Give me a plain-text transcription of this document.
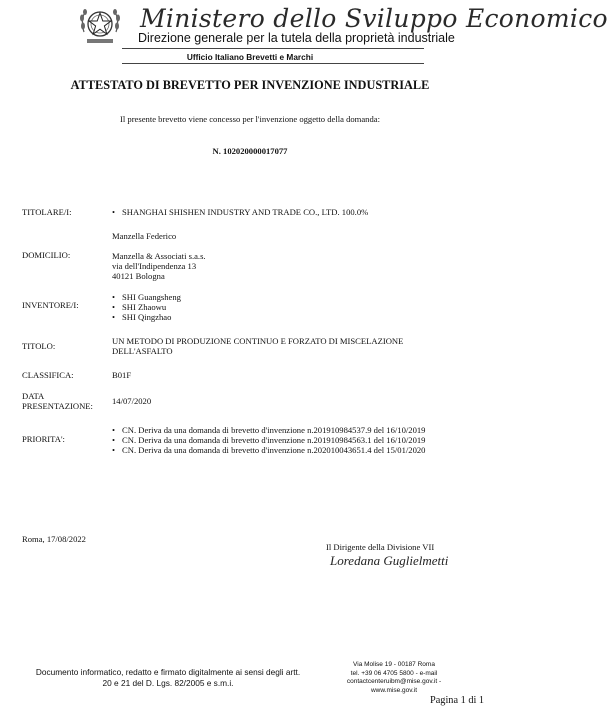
Ministero dello Sviluppo Economico
Direzione generale per la tutela della proprietà industriale
Ufficio Italiano Brevetti e Marchi
ATTESTATO DI BREVETTO PER INVENZIONE INDUSTRIALE
Il presente brevetto viene concesso per l'invenzione oggetto della domanda:
N. 102020000017077
TITOLARE/I:
•	SHANGHAI SHISHEN INDUSTRY AND TRADE CO., LTD. 100.0%
DOMICILIO:
Manzella Federico
Manzella & Associati s.a.s.
via dell'Indipendenza 13
40121 Bologna
INVENTORE/I:
• SHI Guangsheng
• SHI Zhaowu
• SHI Qingzhao
TITOLO:	UN METODO DI PRODUZIONE CONTINUO E FORZATO DI MISCELAZIONE
DELL'ASFALTO
CLASSIFICA:	B01F
DATA
PRESENTAZIONE: 14/07/2020
PRIORITA':
• CN. Deriva da una domanda di brevetto d'invenzione n.201910984537.9 del 16/10/2019
• CN. Deriva da una domanda di brevetto d'invenzione n.201910984563.1 del 16/10/2019
• CN. Deriva da una domanda di brevetto d'invenzione n.202010043651.4 del 15/01/2020
Roma, 17/08/2022
Il Dirigente della Divisione VII
Loredana Guglielmetti
Documento informatico, redatto e firmato digitalmente ai sensi degli artt.
20 e 21 del D. Lgs. 82/2005 e s.m.i.
Via Molise 19 - 00187 Roma
tel. +39 06 4705 5800 - e-mail
contactcenteruibm@mise.gov.it -
www.mise.gov.it
Pagina 1 di 1
